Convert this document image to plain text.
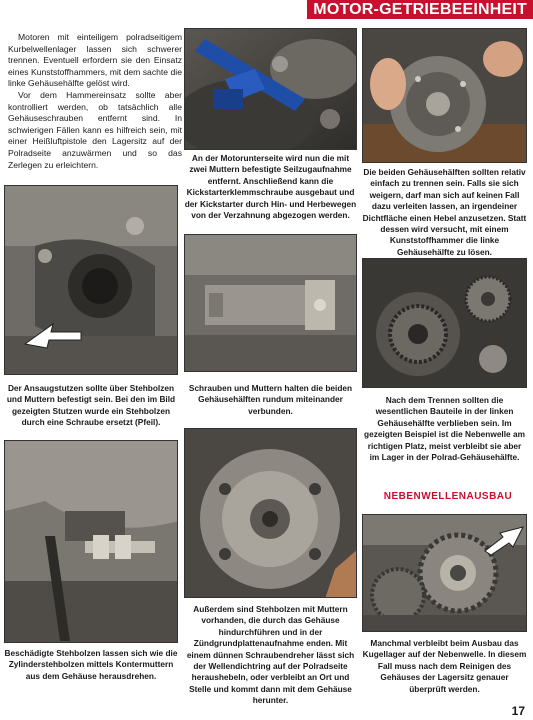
MOTOR-GETRIEBEEINHEIT

Motoren mit einteiligem polradseitigem Kurbelwellenlager lassen sich schwerer trennen. Eventuell erfordern sie den Einsatz eines Kunststoffhammers, mit dem sachte die linke Gehäusehälfte gelöst wird.

Vor dem Hammereinsatz sollte aber kontrolliert werden, ob tatsächlich alle Gehäuseschrauben entfernt sind. In schwierigen Fällen kann es hilfreich sein, mit einer Heißluftpistole den Lagersitz auf der Polradseite anzuwärmen und so das Zerlegen zu erleichtern.

An der Motorunterseite wird nun die mit zwei Muttern befestigte Seilzugaufnahme entfernt. Anschließend kann die Kickstarterklemmschraube ausgebaut und der Kickstarter durch Hin- und Herbewegen von der Verzahnung abgezogen werden.
Die beiden Gehäusehälften sollten relativ einfach zu trennen sein. Falls sie sich weigern, darf man sich auf keinen Fall dazu verleiten lassen, an irgendeiner Dichtfläche einen Hebel anzusetzen. Statt dessen wird versucht, mit einem Kunststoffhammer die linke Gehäusehälfte zu lösen.
Der Ansaugstutzen sollte über Stehbolzen und Muttern befestigt sein. Bei den im Bild gezeigten Stutzen wurde ein Stehbolzen durch eine Schraube ersetzt (Pfeil).
Schrauben und Muttern halten die beiden Gehäusehälften rundum miteinander verbunden.
Nach dem Trennen sollten die wesentlichen Bauteile in der linken Gehäusehälfte verblieben sein. Im gezeigten Beispiel ist die Nebenwelle am richtigen Platz, meist verbleibt sie aber im Lager in der Polrad-Gehäusehälfte.
Beschädigte Stehbolzen lassen sich wie die Zylinderstehbolzen mittels Kontermuttern aus dem Gehäuse herausdrehen.
Außerdem sind Stehbolzen mit Muttern vorhanden, die durch das Gehäuse hindurchführen und in der Zündgrundplattenaufnahme enden. Mit einem dünnen Schraubendreher lässt sich der Wellendichtring auf der Polradseite heraushebeln, oder verbleibt an Ort und Stelle und kommt dann mit dem Gehäuse herunter.
NEBENWELLENAUSBAU
Manchmal verbleibt beim Ausbau das Kugellager auf der Nebenwelle. In diesem Fall muss nach dem Reinigen des Gehäuses der Lagersitz genauer überprüft werden.
17
